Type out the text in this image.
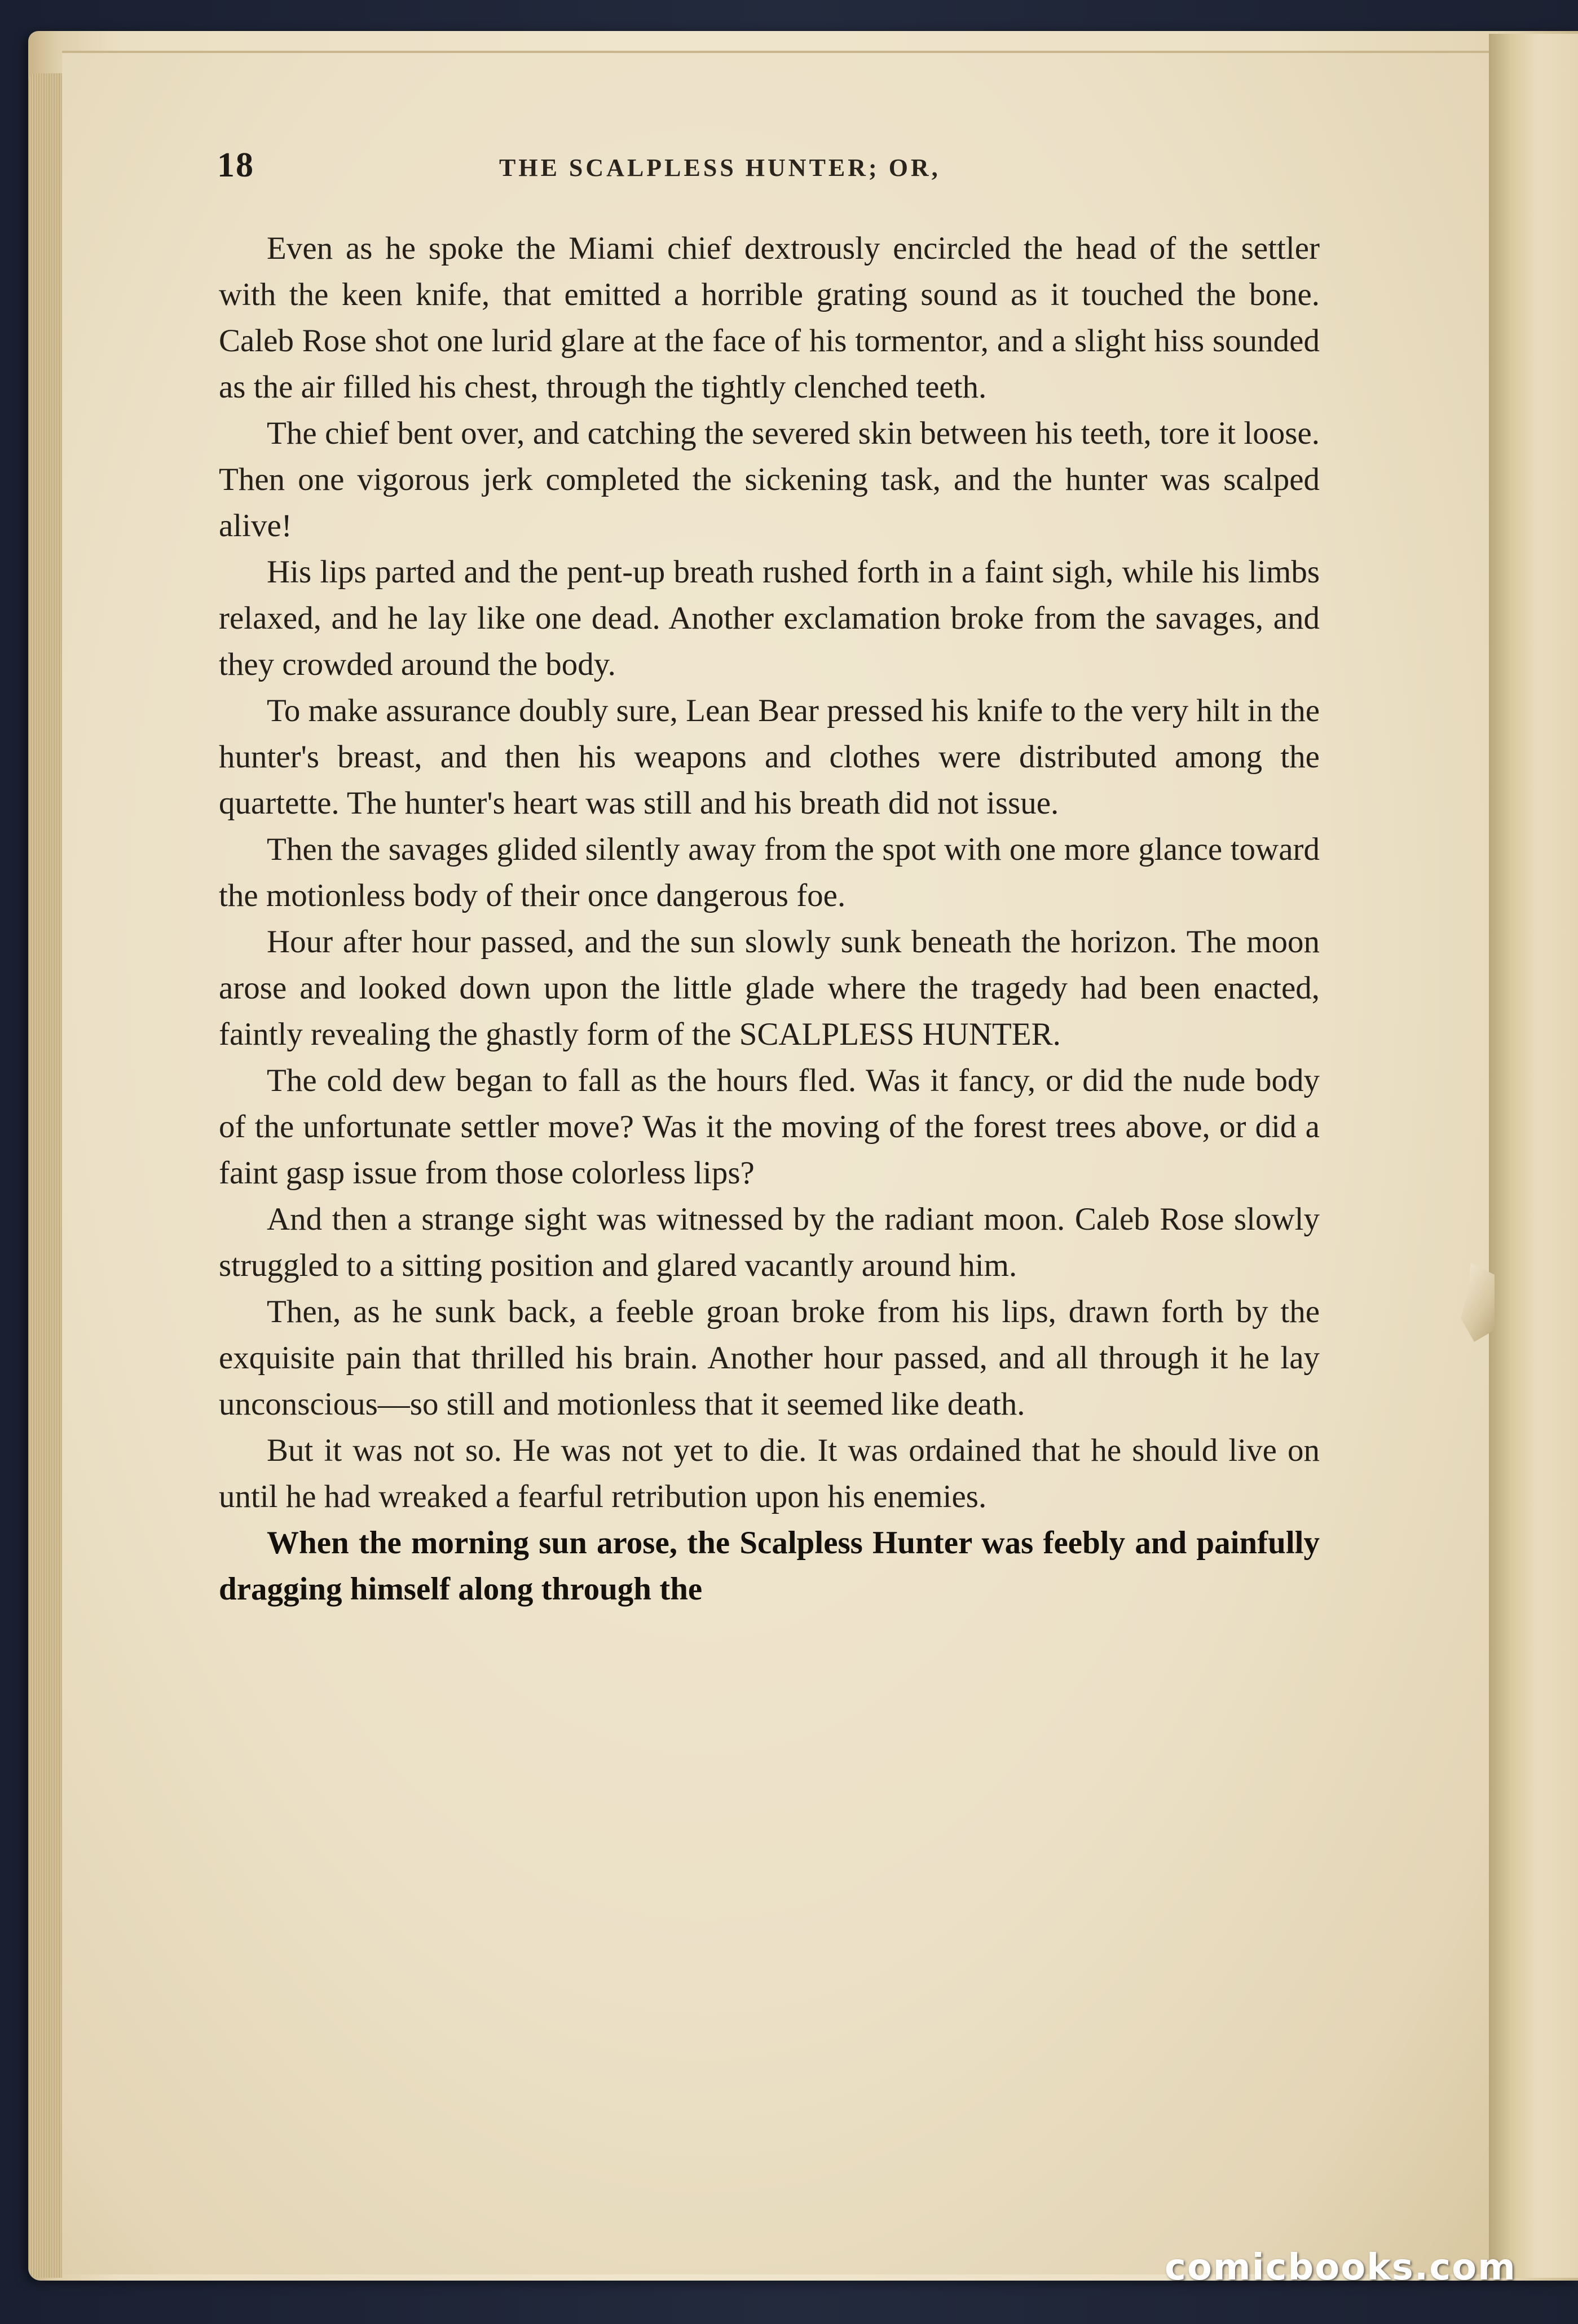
18	THE SCALPLESS HUNTER; OR,

Even as he spoke the Miami chief dextrously encircled the head of the settler with the keen knife, that emitted a horrible grating sound as it touched the bone. Caleb Rose shot one lurid glare at the face of his tormentor, and a slight hiss sounded as the air filled his chest, through the tightly clenched teeth.

The chief bent over, and catching the severed skin between his teeth, tore it loose. Then one vigorous jerk completed the sickening task, and the hunter was scalped alive!

His lips parted and the pent-up breath rushed forth in a faint sigh, while his limbs relaxed, and he lay like one dead. Another exclamation broke from the savages, and they crowded around the body.

To make assurance doubly sure, Lean Bear pressed his knife to the very hilt in the hunter's breast, and then his weapons and clothes were distributed among the quartette. The hunter's heart was still and his breath did not issue.

Then the savages glided silently away from the spot with one more glance toward the motionless body of their once dangerous foe.

Hour after hour passed, and the sun slowly sunk beneath the horizon. The moon arose and looked down upon the little glade where the tragedy had been enacted, faintly revealing the ghastly form of the SCALPLESS HUNTER.

The cold dew began to fall as the hours fled. Was it fancy, or did the nude body of the unfortunate settler move? Was it the moving of the forest trees above, or did a faint gasp issue from those colorless lips?

And then a strange sight was witnessed by the radiant moon. Caleb Rose slowly struggled to a sitting position and glared vacantly around him.

Then, as he sunk back, a feeble groan broke from his lips, drawn forth by the exquisite pain that thrilled his brain. Another hour passed, and all through it he lay unconscious—so still and motionless that it seemed like death.

But it was not so. He was not yet to die. It was ordained that he should live on until he had wreaked a fearful retribution upon his enemies.

When the morning sun arose, the Scalpless Hunter was feebly and painfully dragging himself along through the

comicbooks.com
